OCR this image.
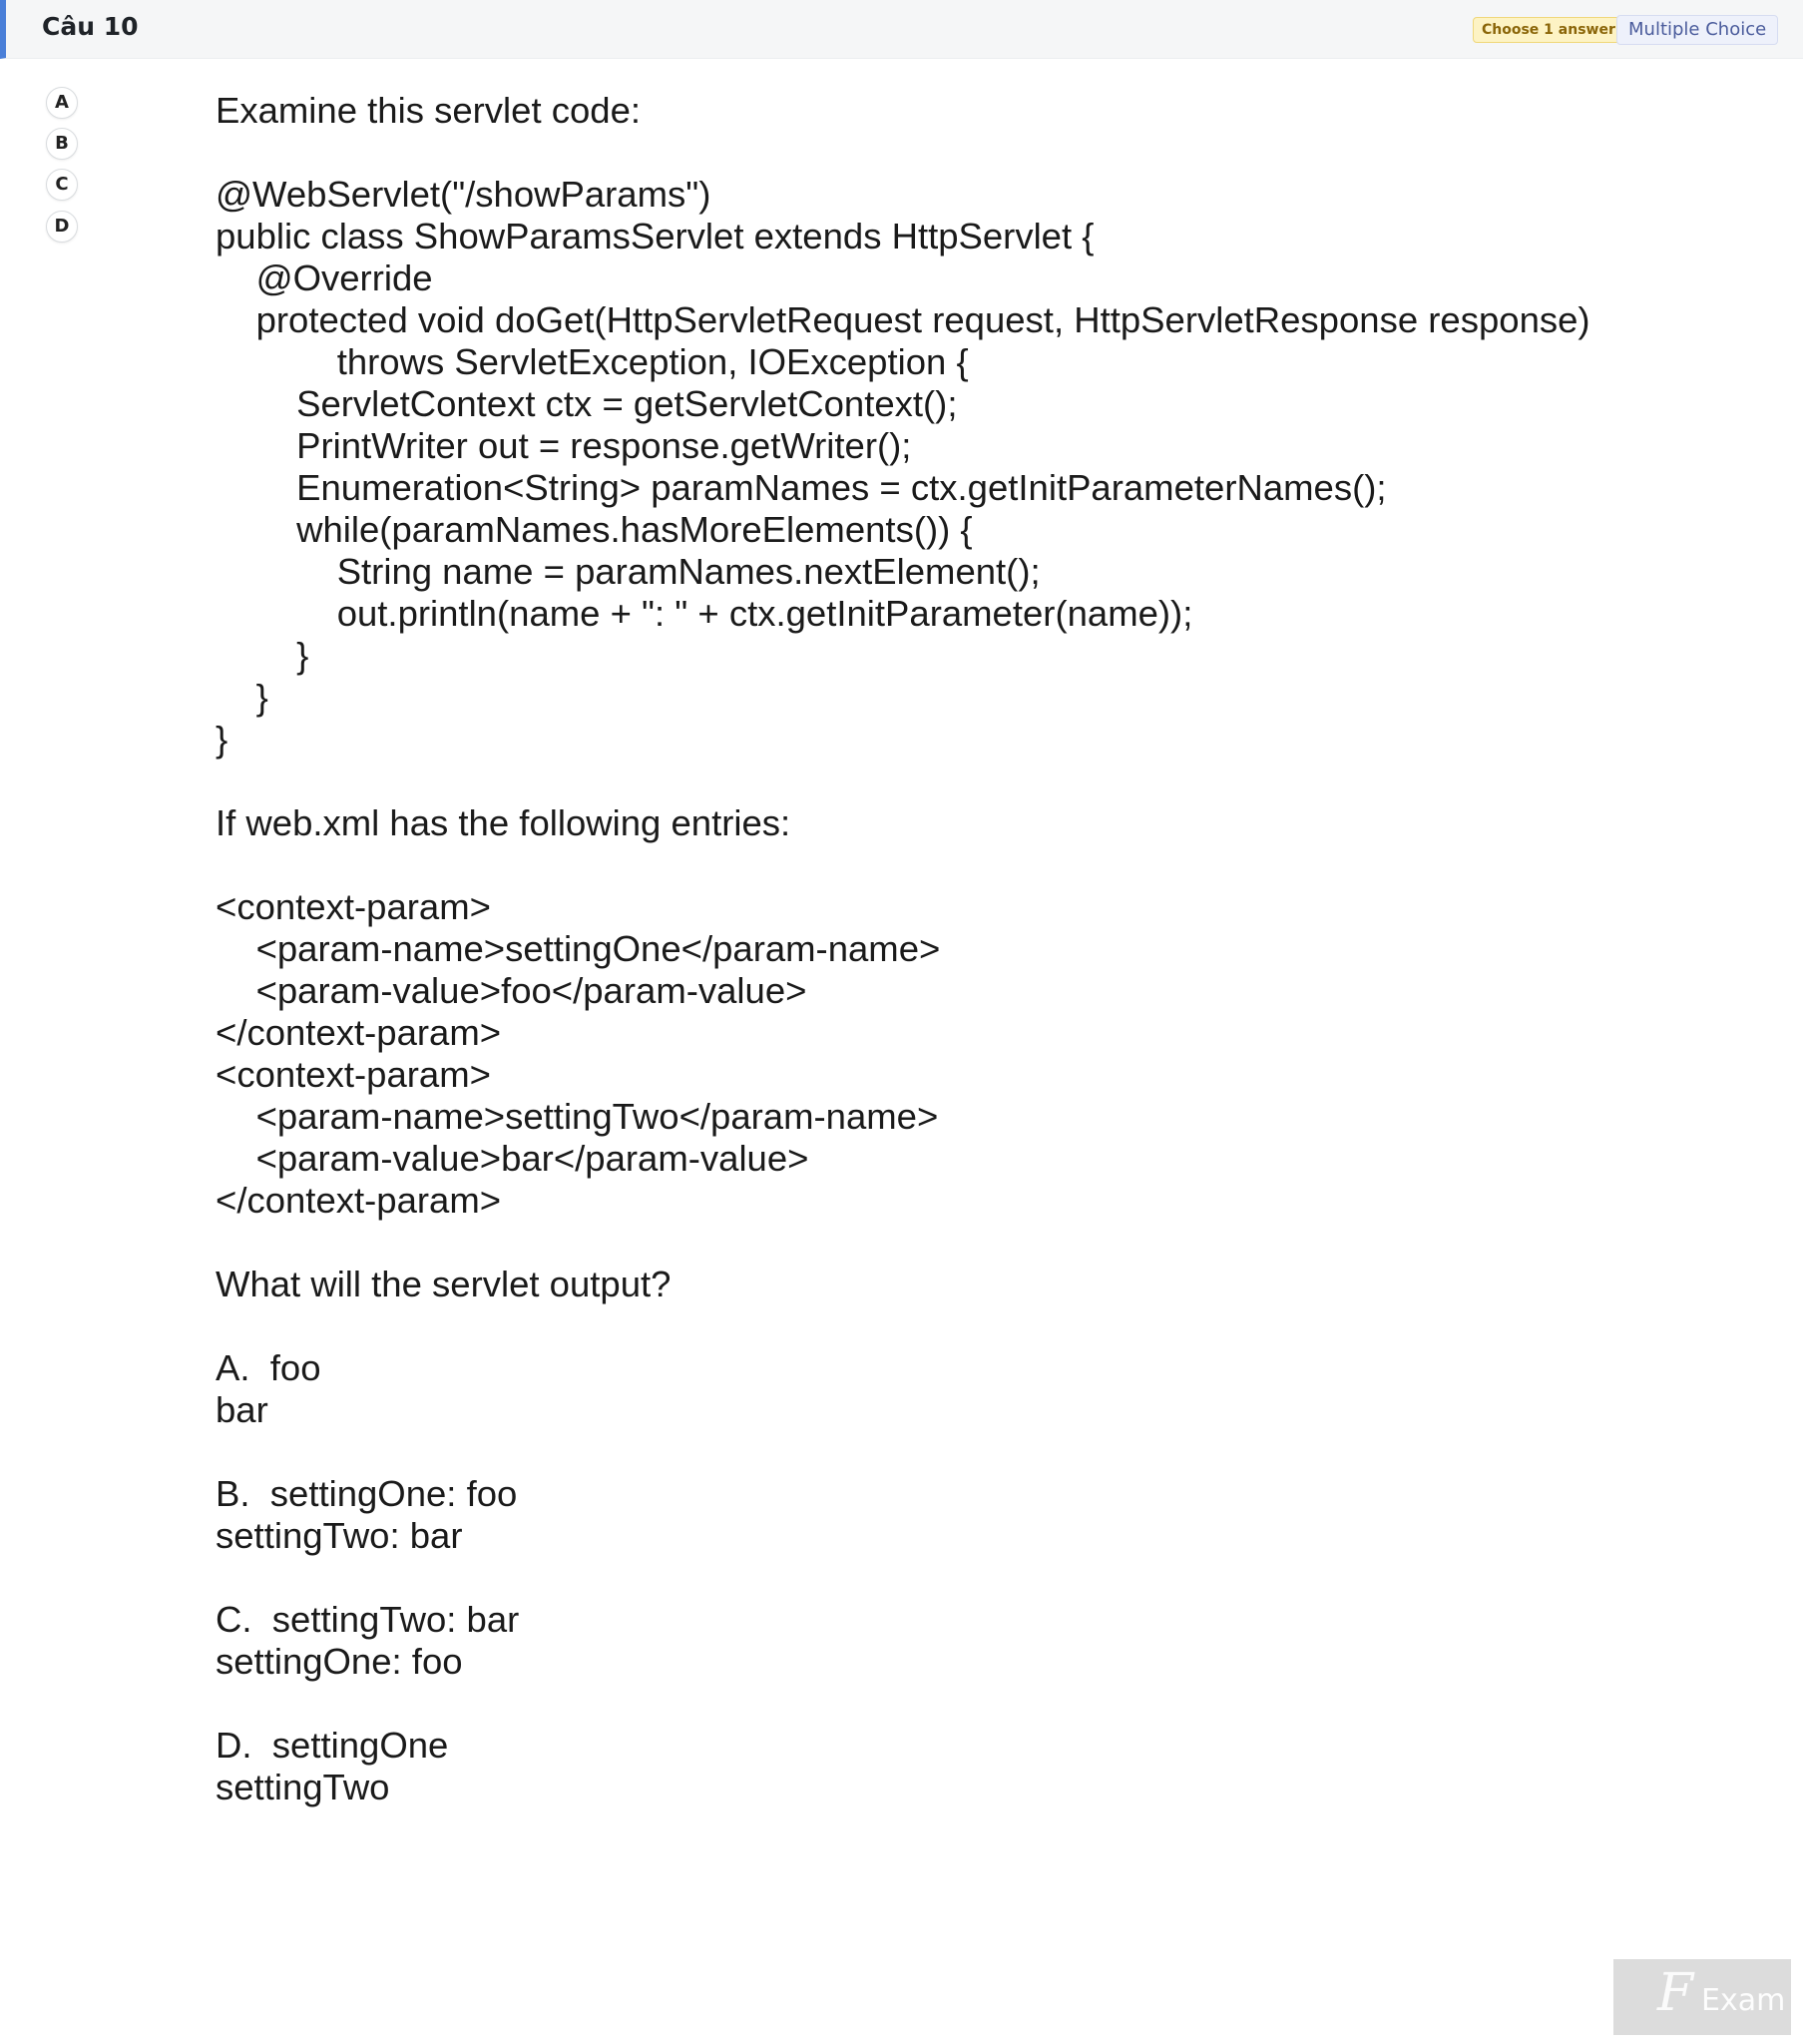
Câu 10	Choose 1 answer Multiple Choice
A
B
C
D
Examine this servlet code:
@WebServlet("/showParams")
public class ShowParamsServlet extends HttpServlet {
@Override
protected void doGet(HttpServletRequest request, HttpServletResponse response)
throws ServletException, IOException {
ServletContext ctx = getServletContext();
PrintWriter out = response.getWriter();
Enumeration<String> paramNames = ctx.getInitParameterNames();
while(paramNames.hasMoreElements()) {
String name = paramNames.nextElement();
out.println(name + ": " + ctx.getInitParameter(name));
}
}
}
If web.xml has the following entries:
<context-param>
<param-name>settingOne</param-name>
<param-value>foo</param-value>
</context-param>
<context-param>
<param-name>settingTwo</param-name>
<param-value>bar</param-value>
</context-param>
What will the servlet output?
A.  foo
bar
B.  settingOne: foo
settingTwo: bar
C.  settingTwo: bar
settingOne: foo
D.  settingOne
settingTwo
F Exam
